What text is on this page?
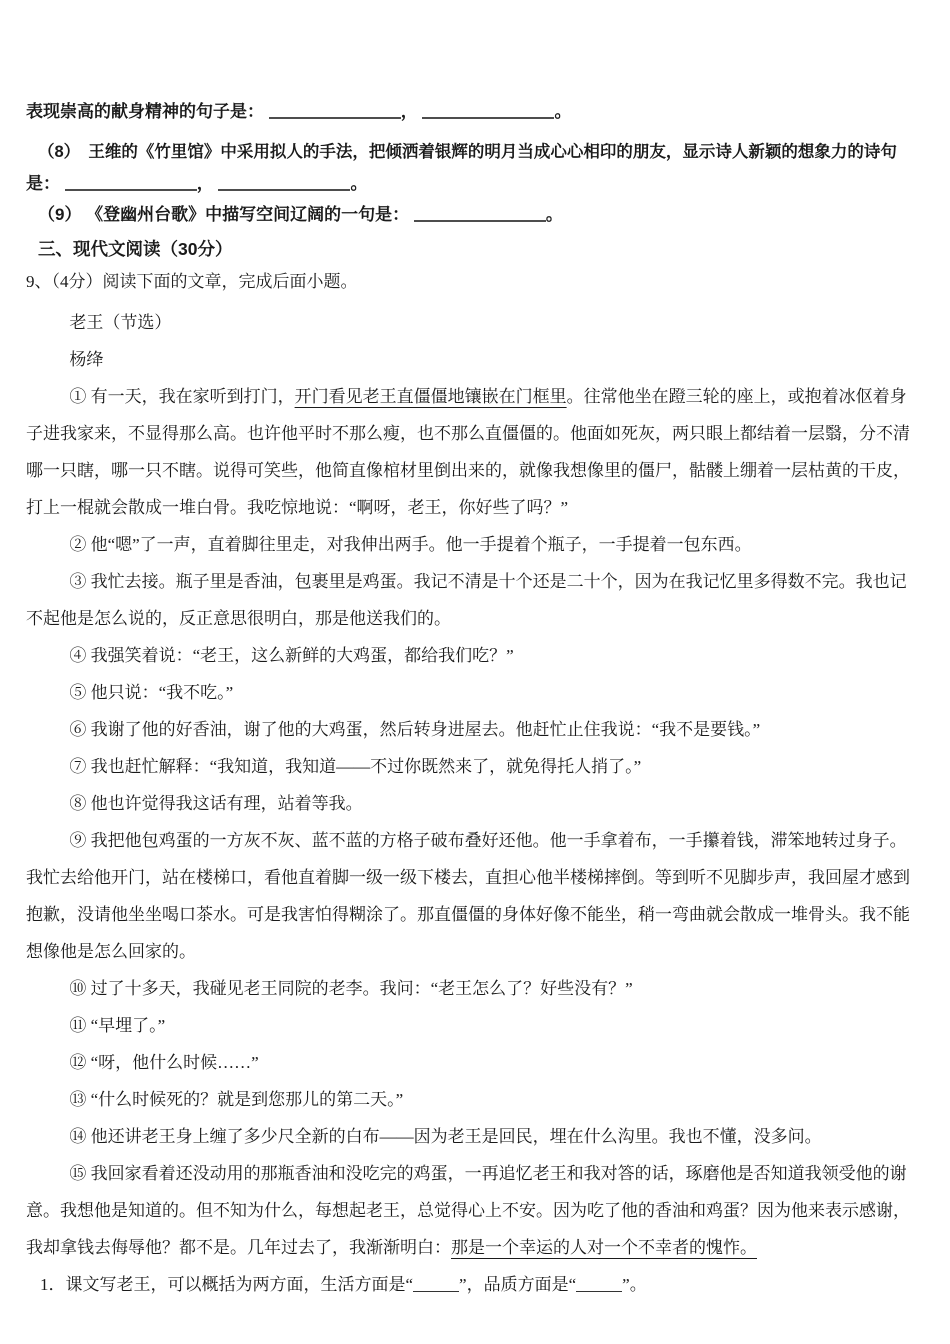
表现崇高的献身精神的句子是：	，	。
（8）　王维的《竹里馆》中采用拟人的手法，把倾洒着银辉的明月当成心心相印的朋友，显示诗人新颖的想象力的诗句
是：	，	。
（9） 《登幽州台歌》中描写空间辽阔的一句是：	。
三、现代文阅读（30分）
9、（4分）阅读下面的文章，完成后面小题。

老王（节选）

杨绛

① 有一天，我在家听到打门，开门看见老王直僵僵地镶嵌在门框里。往常他坐在蹬三轮的座上，或抱着冰伛着身子进我家来，不显得那么高。也许他平时不那么瘦，也不那么直僵僵的。他面如死灰，两只眼上都结着一层翳，分不清哪一只瞎，哪一只不瞎。说得可笑些，他简直像棺材里倒出来的，就像我想像里的僵尸，骷髅上绷着一层枯黄的干皮，打上一棍就会散成一堆白骨。我吃惊地说：“啊呀，老王，你好些了吗？”

② 他“嗯”了一声，直着脚往里走，对我伸出两手。他一手提着个瓶子，一手提着一包东西。

③ 我忙去接。瓶子里是香油，包裹里是鸡蛋。我记不清是十个还是二十个，因为在我记忆里多得数不完。我也记不起他是怎么说的，反正意思很明白，那是他送我们的。

④ 我强笑着说：“老王，这么新鲜的大鸡蛋，都给我们吃？”

⑤ 他只说：“我不吃。”

⑥ 我谢了他的好香油，谢了他的大鸡蛋，然后转身进屋去。他赶忙止住我说：“我不是要钱。”

⑦ 我也赶忙解释：“我知道，我知道——不过你既然来了，就免得托人捎了。”

⑧ 他也许觉得我这话有理，站着等我。

⑨ 我把他包鸡蛋的一方灰不灰、蓝不蓝的方格子破布叠好还他。他一手拿着布，一手攥着钱，滞笨地转过身子。我忙去给他开门，站在楼梯口，看他直着脚一级一级下楼去，直担心他半楼梯摔倒。等到听不见脚步声，我回屋才感到抱歉，没请他坐坐喝口茶水。可是我害怕得糊涂了。那直僵僵的身体好像不能坐，稍一弯曲就会散成一堆骨头。我不能想像他是怎么回家的。

⑩ 过了十多天，我碰见老王同院的老李。我问：“老王怎么了？好些没有？”

⑪ “早埋了。”

⑫ “呀，他什么时候……”

⑬ “什么时候死的？就是到您那儿的第二天。”

⑭ 他还讲老王身上缠了多少尺全新的白布——因为老王是回民，埋在什么沟里。我也不懂，没多问。

⑮ 我回家看着还没动用的那瓶香油和没吃完的鸡蛋，一再追忆老王和我对答的话，琢磨他是否知道我领受他的谢意。我想他是知道的。但不知为什么，每想起老王，总觉得心上不安。因为吃了他的香油和鸡蛋？因为他来表示感谢，我却拿钱去侮辱他？都不是。几年过去了，我渐渐明白：那是一个幸运的人对一个不幸者的愧怍。

1．课文写老王，可以概括为两方面，生活方面是“	”，品质方面是“	”。
